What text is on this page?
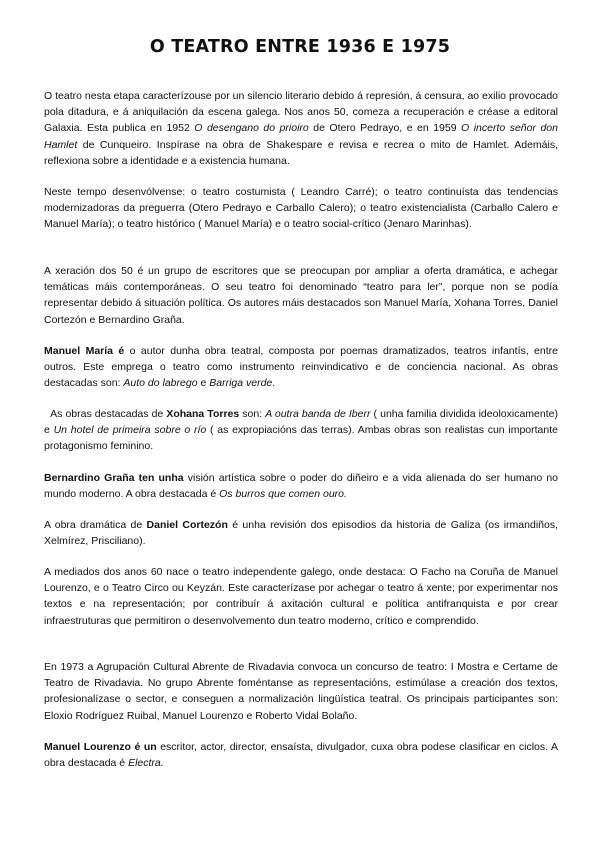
O TEATRO ENTRE 1936 E 1975

O teatro nesta etapa caracterízouse por un silencio literario debido á represión, á censura, ao exilio provocado pola ditadura, e á aniquilación da escena galega. Nos anos 50, comeza a recuperación e créase a editoral Galaxia. Esta publica en 1952 O desengano do prioiro de Otero Pedrayo, e en 1959 O incerto señor don Hamlet de Cunqueiro. Inspírase na obra de Shakespare e revisa e recrea o mito de Hamlet. Ademáis, reflexiona sobre a identidade e a existencia humana.

Neste tempo desenvólvense: o teatro costumista ( Leandro Carré); o teatro continuísta das tendencias modernizadoras da preguerra (Otero Pedrayo e Carballo Calero); o teatro existencialista (Carballo Calero e Manuel María); o teatro histórico ( Manuel María) e o teatro social-crítico (Jenaro Marinhas).

A xeración dos 50 é un grupo de escritores que se preocupan por ampliar a oferta dramática, e achegar temáticas máis contemporáneas. O seu teatro foi denominado “teatro para ler”, porque non se podía representar debido á situación política. Os autores máis destacados son Manuel María, Xohana Torres, Daniel Cortezón e Bernardino Graña.

Manuel María é o autor dunha obra teatral, composta por poemas dramatizados, teatros infantís, entre outros. Este emprega o teatro como instrumento reinvindicativo e de conciencia nacional. As obras destacadas son: Auto do labrego e Barriga verde.

As obras destacadas de Xohana Torres son: A outra banda de Iberr ( unha familia dividida ideoloxicamente) e Un hotel de primeira sobre o río ( as expropiacións das terras). Ambas obras son realistas cun importante protagonismo feminino.

Bernardino Graña ten unha visión artística sobre o poder do diñeiro e a vida alienada do ser humano no mundo moderno. A obra destacada é Os burros que comen ouro.

A obra dramática de Daniel Cortezón é unha revisión dos episodios da historia de Galiza (os irmandiños, Xelmírez, Prisciliano).

A mediados dos anos 60 nace o teatro independente galego, onde destaca: O Facho na Coruña de Manuel Lourenzo, e o Teatro Circo ou Keyzán. Este caracterízase por achegar o teatro á xente; por experimentar nos textos e na representación; por contribuír á axitación cultural e política antifranquista e por crear infraestruturas que permitiron o desenvolvemento dun teatro moderno, crítico e comprendido.

En 1973 a Agrupación Cultural Abrente de Rivadavia convoca un concurso de teatro: I Mostra e Certame de Teatro de Rivadavia. No grupo Abrente foméntanse as representacións, estimúlase a creación dos textos, profesionalízase o sector, e conseguen a normalización lingüística teatral. Os principais participantes son: Eloxio Rodríguez Ruibal, Manuel Lourenzo e Roberto Vidal Bolaño.

Manuel Lourenzo é un escritor, actor, director, ensaísta, divulgador, cuxa obra podese clasificar en ciclos. A obra destacada é Electra.
